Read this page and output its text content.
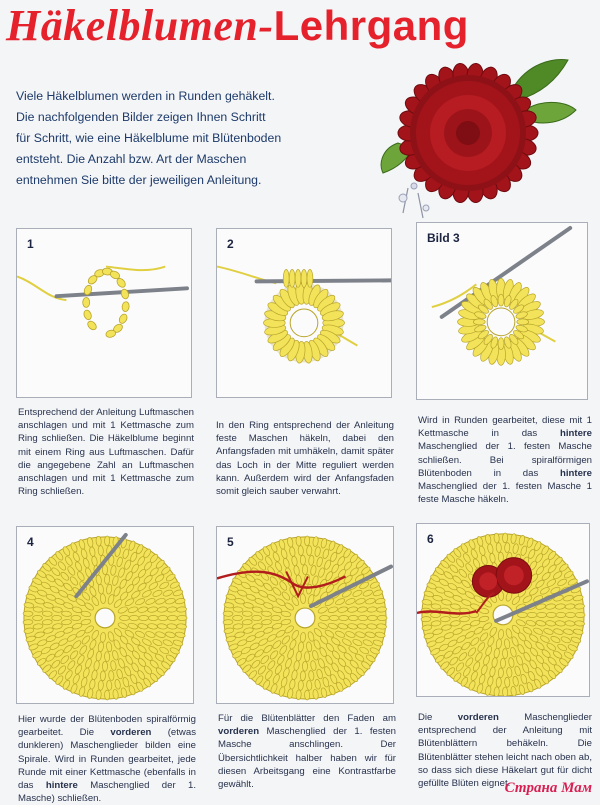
Häkelblumen-Lehrgang

Viele Häkelblumen werden in Runden gehäkelt.

Die nachfolgenden Bilder zeigen Ihnen Schritt

für Schritt, wie eine Häkelblume mit Blütenboden

entsteht. Die Anzahl bzw. Art der Maschen

entnehmen Sie bitte der jeweiligen Anleitung.

1
Entsprechend der Anleitung Luftmaschen anschlagen und mit 1 Kettmasche zum Ring schließen. Die Häkelblume beginnt mit einem Ring aus Luftmaschen. Dafür die angegebene Zahl an Luftmaschen anschlagen und mit 1 Kettmasche zum Ring schließen.
2
In den Ring entsprechend der Anleitung feste Maschen häkeln, dabei den Anfangsfaden mit umhäkeln, damit später das Loch in der Mitte reguliert werden kann. Außerdem wird der Anfangsfaden somit gleich sauber verwahrt.
Bild 3
Wird in Runden gearbeitet, diese mit 1 Kettmasche in das hintere Maschenglied der 1. festen Masche schließen. Bei spiralförmigen Blütenboden in das hintere Maschenglied der 1. festen Masche 1 feste Masche häkeln.
4
Hier wurde der Blütenboden spiralförmig gearbeitet. Die vorderen (etwas dunkleren) Maschenglieder bilden eine Spirale. Wird in Runden gearbeitet, jede Runde mit einer Kettmasche (ebenfalls in das hintere Maschenglied der 1. Masche) schließen.
5
Für die Blütenblätter den Faden am vorderen Maschenglied der 1. festen Masche anschlingen. Der Übersichtlichkeit halber haben wir für diesen Arbeitsgang eine Kontrastfarbe gewählt.
6
Die vorderen Maschenglieder entsprechend der Anleitung mit Blütenblättern behäkeln. Die Blütenblätter stehen leicht nach oben ab, so dass sich diese Häkelart gut für dicht gefüllte Blüten eignet.
Страна Мам
